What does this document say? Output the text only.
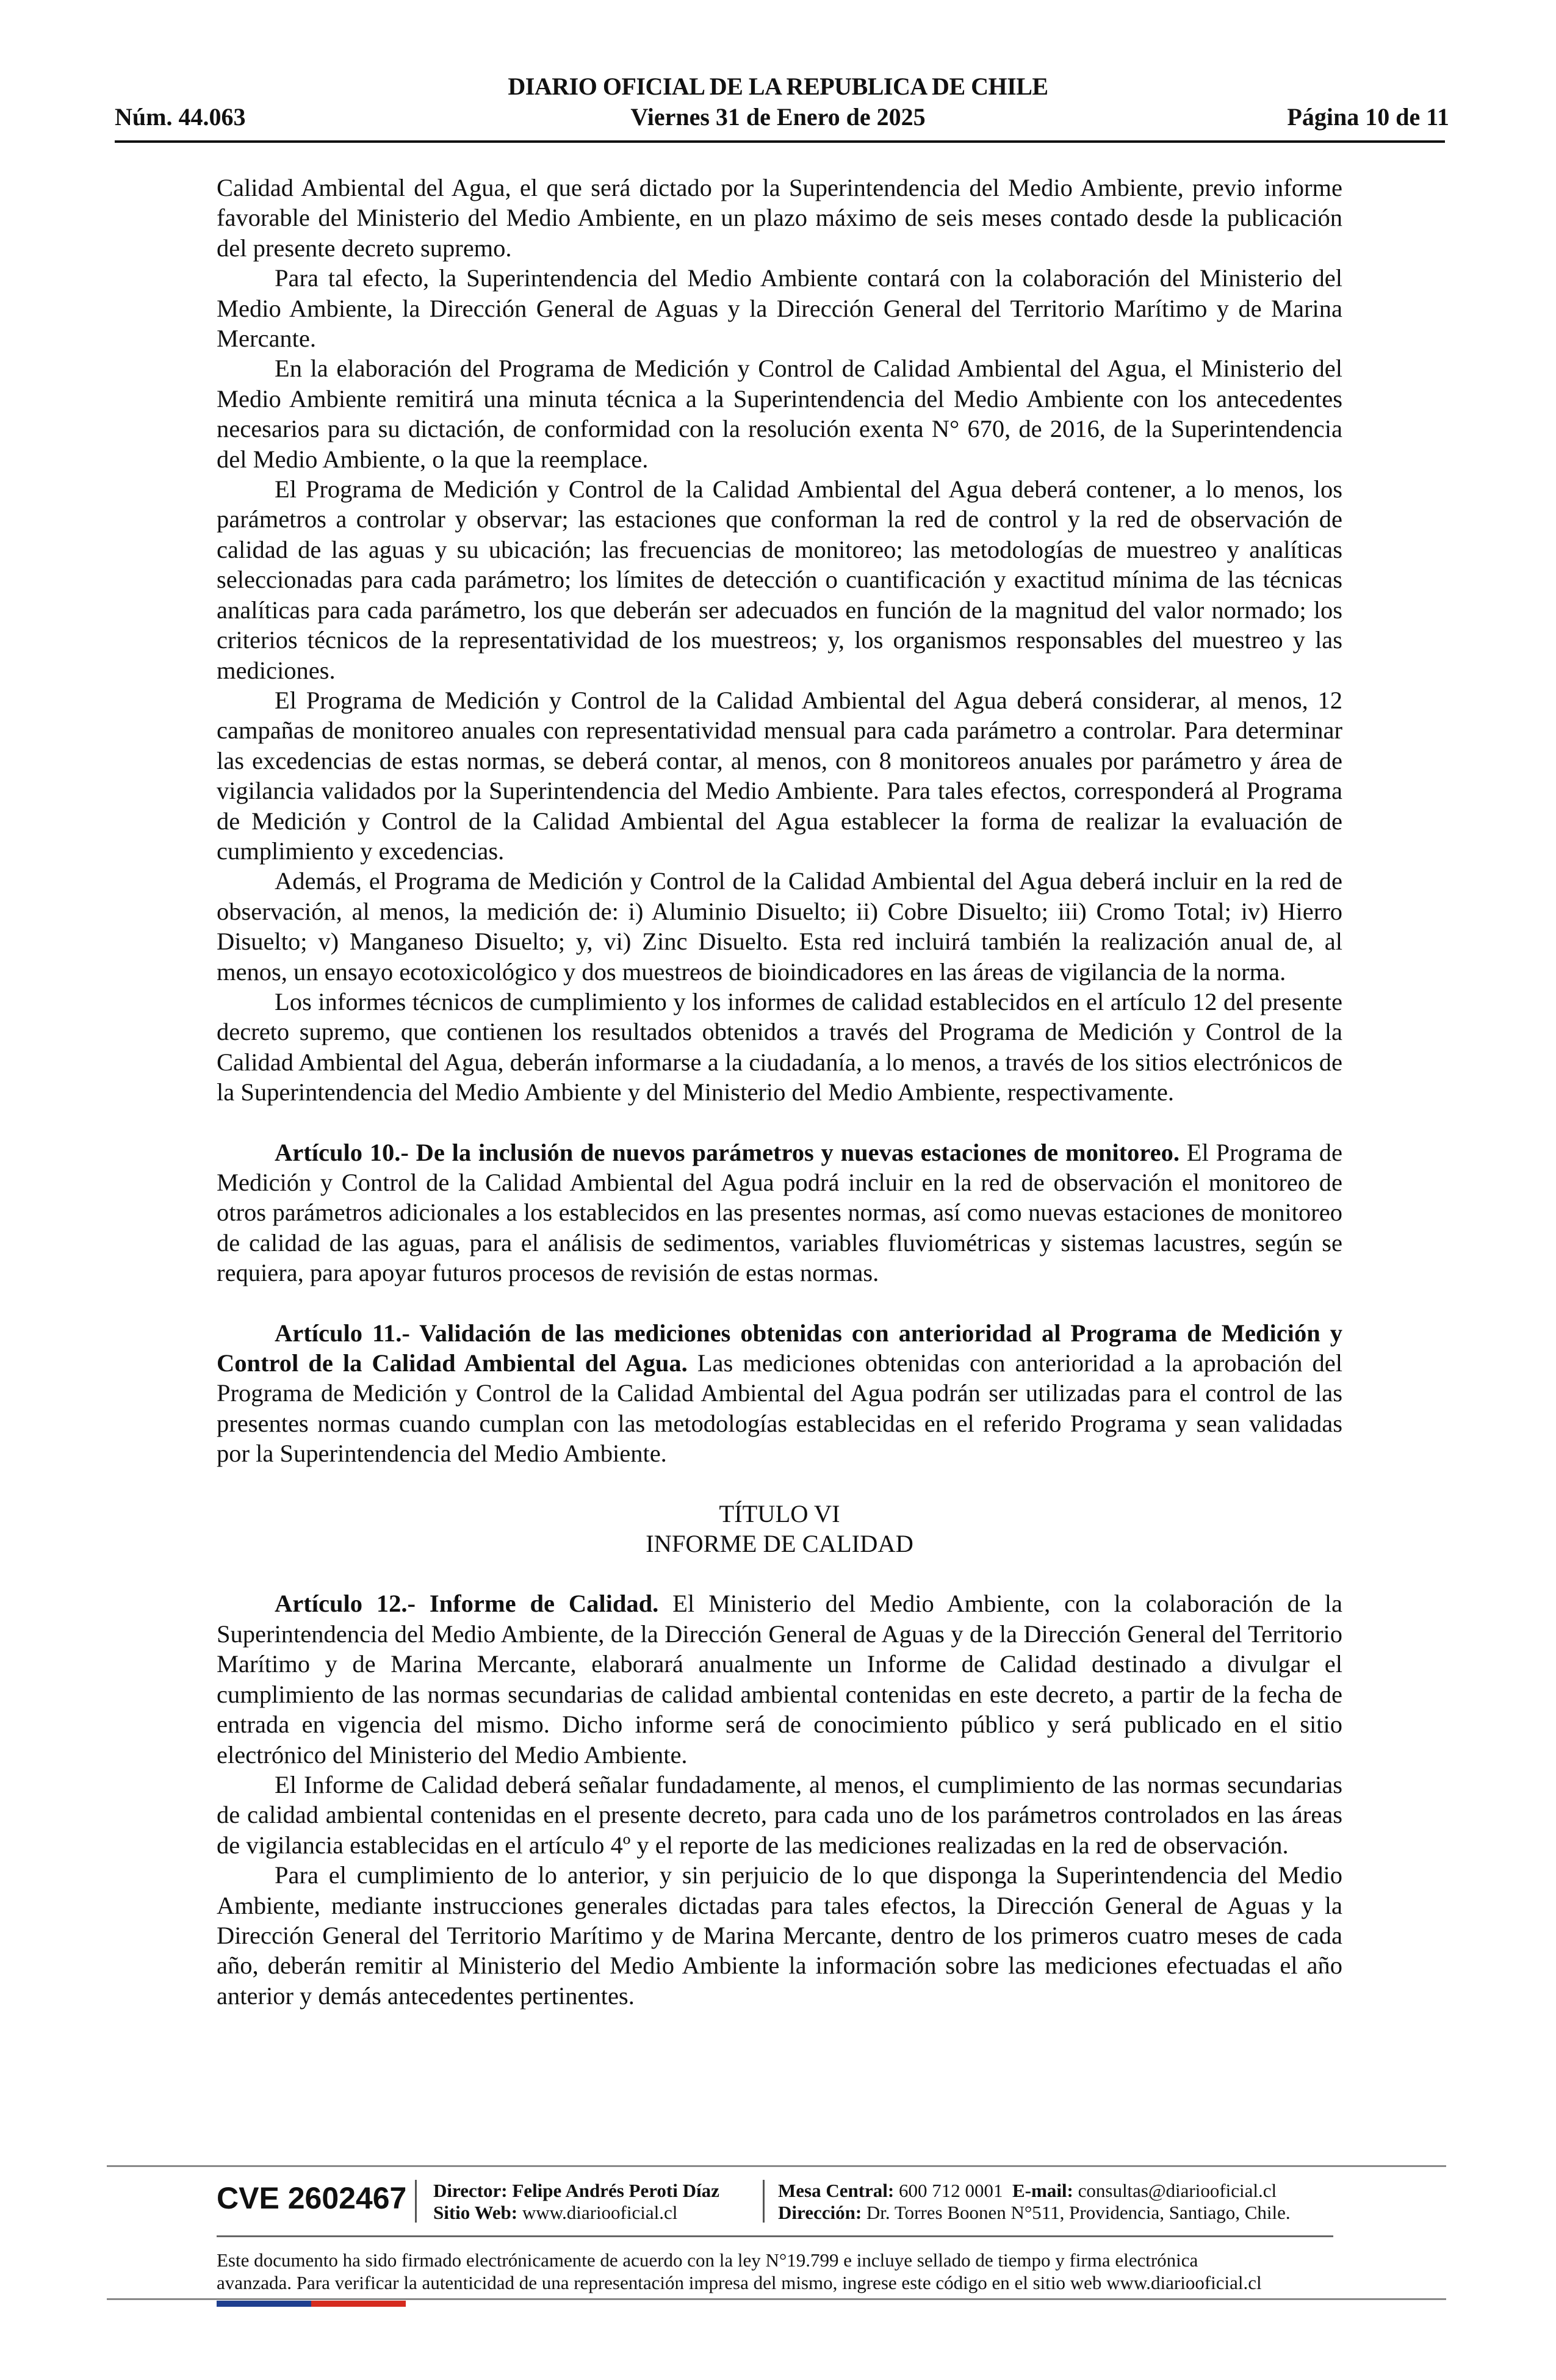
DIARIO OFICIAL DE LA REPUBLICA DE CHILE
Núm. 44.063	Viernes 31 de Enero de 2025	Página 10 de 11

Calidad Ambiental del Agua, el que será dictado por la Superintendencia del Medio Ambiente, previo informe favorable del Ministerio del Medio Ambiente, en un plazo máximo de seis meses contado desde la publicación del presente decreto supremo.

Para tal efecto, la Superintendencia del Medio Ambiente contará con la colaboración del Ministerio del Medio Ambiente, la Dirección General de Aguas y la Dirección General del Territorio Marítimo y de Marina Mercante.

En la elaboración del Programa de Medición y Control de Calidad Ambiental del Agua, el Ministerio del Medio Ambiente remitirá una minuta técnica a la Superintendencia del Medio Ambiente con los antecedentes necesarios para su dictación, de conformidad con la resolución exenta N° 670, de 2016, de la Superintendencia del Medio Ambiente, o la que la reemplace.

El Programa de Medición y Control de la Calidad Ambiental del Agua deberá contener, a lo menos, los parámetros a controlar y observar; las estaciones que conforman la red de control y la red de observación de calidad de las aguas y su ubicación; las frecuencias de monitoreo; las metodologías de muestreo y analíticas seleccionadas para cada parámetro; los límites de detección o cuantificación y exactitud mínima de las técnicas analíticas para cada parámetro, los que deberán ser adecuados en función de la magnitud del valor normado; los criterios técnicos de la representatividad de los muestreos; y, los organismos responsables del muestreo y las mediciones.

El Programa de Medición y Control de la Calidad Ambiental del Agua deberá considerar, al menos, 12 campañas de monitoreo anuales con representatividad mensual para cada parámetro a controlar. Para determinar las excedencias de estas normas, se deberá contar, al menos, con 8 monitoreos anuales por parámetro y área de vigilancia validados por la Superintendencia del Medio Ambiente. Para tales efectos, corresponderá al Programa de Medición y Control de la Calidad Ambiental del Agua establecer la forma de realizar la evaluación de cumplimiento y excedencias.

Además, el Programa de Medición y Control de la Calidad Ambiental del Agua deberá incluir en la red de observación, al menos, la medición de: i) Aluminio Disuelto; ii) Cobre Disuelto; iii) Cromo Total; iv) Hierro Disuelto; v) Manganeso Disuelto; y, vi) Zinc Disuelto. Esta red incluirá también la realización anual de, al menos, un ensayo ecotoxicológico y dos muestreos de bioindicadores en las áreas de vigilancia de la norma.

Los informes técnicos de cumplimiento y los informes de calidad establecidos en el artículo 12 del presente decreto supremo, que contienen los resultados obtenidos a través del Programa de Medición y Control de la Calidad Ambiental del Agua, deberán informarse a la ciudadanía, a lo menos, a través de los sitios electrónicos de la Superintendencia del Medio Ambiente y del Ministerio del Medio Ambiente, respectivamente.

Artículo 10.- De la inclusión de nuevos parámetros y nuevas estaciones de monitoreo. El Programa de Medición y Control de la Calidad Ambiental del Agua podrá incluir en la red de observación el monitoreo de otros parámetros adicionales a los establecidos en las presentes normas, así como nuevas estaciones de monitoreo de calidad de las aguas, para el análisis de sedimentos, variables fluviométricas y sistemas lacustres, según se requiera, para apoyar futuros procesos de revisión de estas normas.

Artículo 11.- Validación de las mediciones obtenidas con anterioridad al Programa de Medición y Control de la Calidad Ambiental del Agua. Las mediciones obtenidas con anterioridad a la aprobación del Programa de Medición y Control de la Calidad Ambiental del Agua podrán ser utilizadas para el control de las presentes normas cuando cumplan con las metodologías establecidas en el referido Programa y sean validadas por la Superintendencia del Medio Ambiente.

TÍTULO VI
INFORME DE CALIDAD

Artículo 12.- Informe de Calidad. El Ministerio del Medio Ambiente, con la colaboración de la Superintendencia del Medio Ambiente, de la Dirección General de Aguas y de la Dirección General del Territorio Marítimo y de Marina Mercante, elaborará anualmente un Informe de Calidad destinado a divulgar el cumplimiento de las normas secundarias de calidad ambiental contenidas en este decreto, a partir de la fecha de entrada en vigencia del mismo. Dicho informe será de conocimiento público y será publicado en el sitio electrónico del Ministerio del Medio Ambiente.

El Informe de Calidad deberá señalar fundadamente, al menos, el cumplimiento de las normas secundarias de calidad ambiental contenidas en el presente decreto, para cada uno de los parámetros controlados en las áreas de vigilancia establecidas en el artículo 4º y el reporte de las mediciones realizadas en la red de observación.

Para el cumplimiento de lo anterior, y sin perjuicio de lo que disponga la Superintendencia del Medio Ambiente, mediante instrucciones generales dictadas para tales efectos, la Dirección General de Aguas y la Dirección General del Territorio Marítimo y de Marina Mercante, dentro de los primeros cuatro meses de cada año, deberán remitir al Ministerio del Medio Ambiente la información sobre las mediciones efectuadas el año anterior y demás antecedentes pertinentes.

CVE 2602467 Director: Felipe Andrés Peroti Díaz
Sitio Web: www.diariooficial.cl
Mesa Central: 600 712 0001 E-mail: consultas@diariooficial.cl
Dirección: Dr. Torres Boonen N°511, Providencia, Santiago, Chile.
Este documento ha sido firmado electrónicamente de acuerdo con la ley N°19.799 e incluye sellado de tiempo y firma electrónica
avanzada. Para verificar la autenticidad de una representación impresa del mismo, ingrese este código en el sitio web www.diariooficial.cl
